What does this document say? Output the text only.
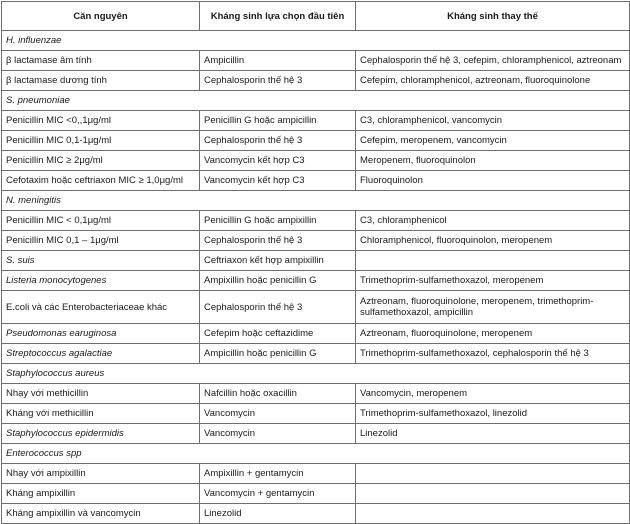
Căn nguyên	Kháng sinh lựa chọn đầu tiên	Kháng sinh thay thế
H. influenzae		
β lactamase âm tính	Ampicillin	Cephalosporin thế hệ 3, cefepim, chloramphenicol, aztreonam
β lactamase dương tính	Cephalosporin thế hệ 3	Cefepim, chloramphenicol, aztreonam, fluoroquinolone
S. pneumoniae		
Penicillin MIC <0,,1μg/ml	Penicillin G hoặc ampicillin	C3, chloramphenicol, vancomycin
Penicillin MIC 0,1-1μg/ml	Cephalosporin thế hệ 3	Cefepim, meropenem, vancomycin
Penicillin MIC ≥ 2μg/ml	Vancomycin kết hợp C3	Meropenem, fluoroquinolon
Cefotaxim hoặc ceftriaxon MIC ≥ 1,0μg/ml	Vancomycin kết hợp C3	Fluoroquinolon
N. meningitis		
Penicillin MIC < 0,1μg/ml	Penicillin G hoặc ampixillin	C3, chloramphenicol
Penicillin MIC 0,1 – 1μg/ml	Cephalosporin thế hệ 3	Chloramphenicol, fluoroquinolon, meropenem
S. suis	Ceftriaxon kết hợp ampixillin	
Listeria monocytogenes	Ampixillin hoặc penicillin G	Trimethoprim-sulfamethoxazol, meropenem
E.coli và các Enterobacteriaceae khác	Cephalosporin thế hệ 3	Aztreonam, fluoroquinolone, meropenem, trimethoprim-sulfamethoxazol, ampicillin
Pseudomonas earuginosa	Cefepim hoặc ceftazidime	Aztreonam, fluoroquinolone, meropenem
Streptococcus agalactiae	Ampicillin hoặc penicillin G	Trimethoprim-sulfamethoxazol, cephalosporin thế hệ 3
Staphylococcus aureus		
Nhạy với methicillin	Nafcillin hoặc oxacillin	Vancomycin, meropenem
Kháng với methicillin	Vancomycin	Trimethoprim-sulfamethoxazol, linezolid
Staphylococcus epidermidis	Vancomycin	Linezolid
Enterococcus spp		
Nhạy với ampixillin	Ampixillin + gentamycin	
Kháng ampixillin	Vancomycin + gentamycin	
Kháng ampixillin và vancomycin	Linezolid	
